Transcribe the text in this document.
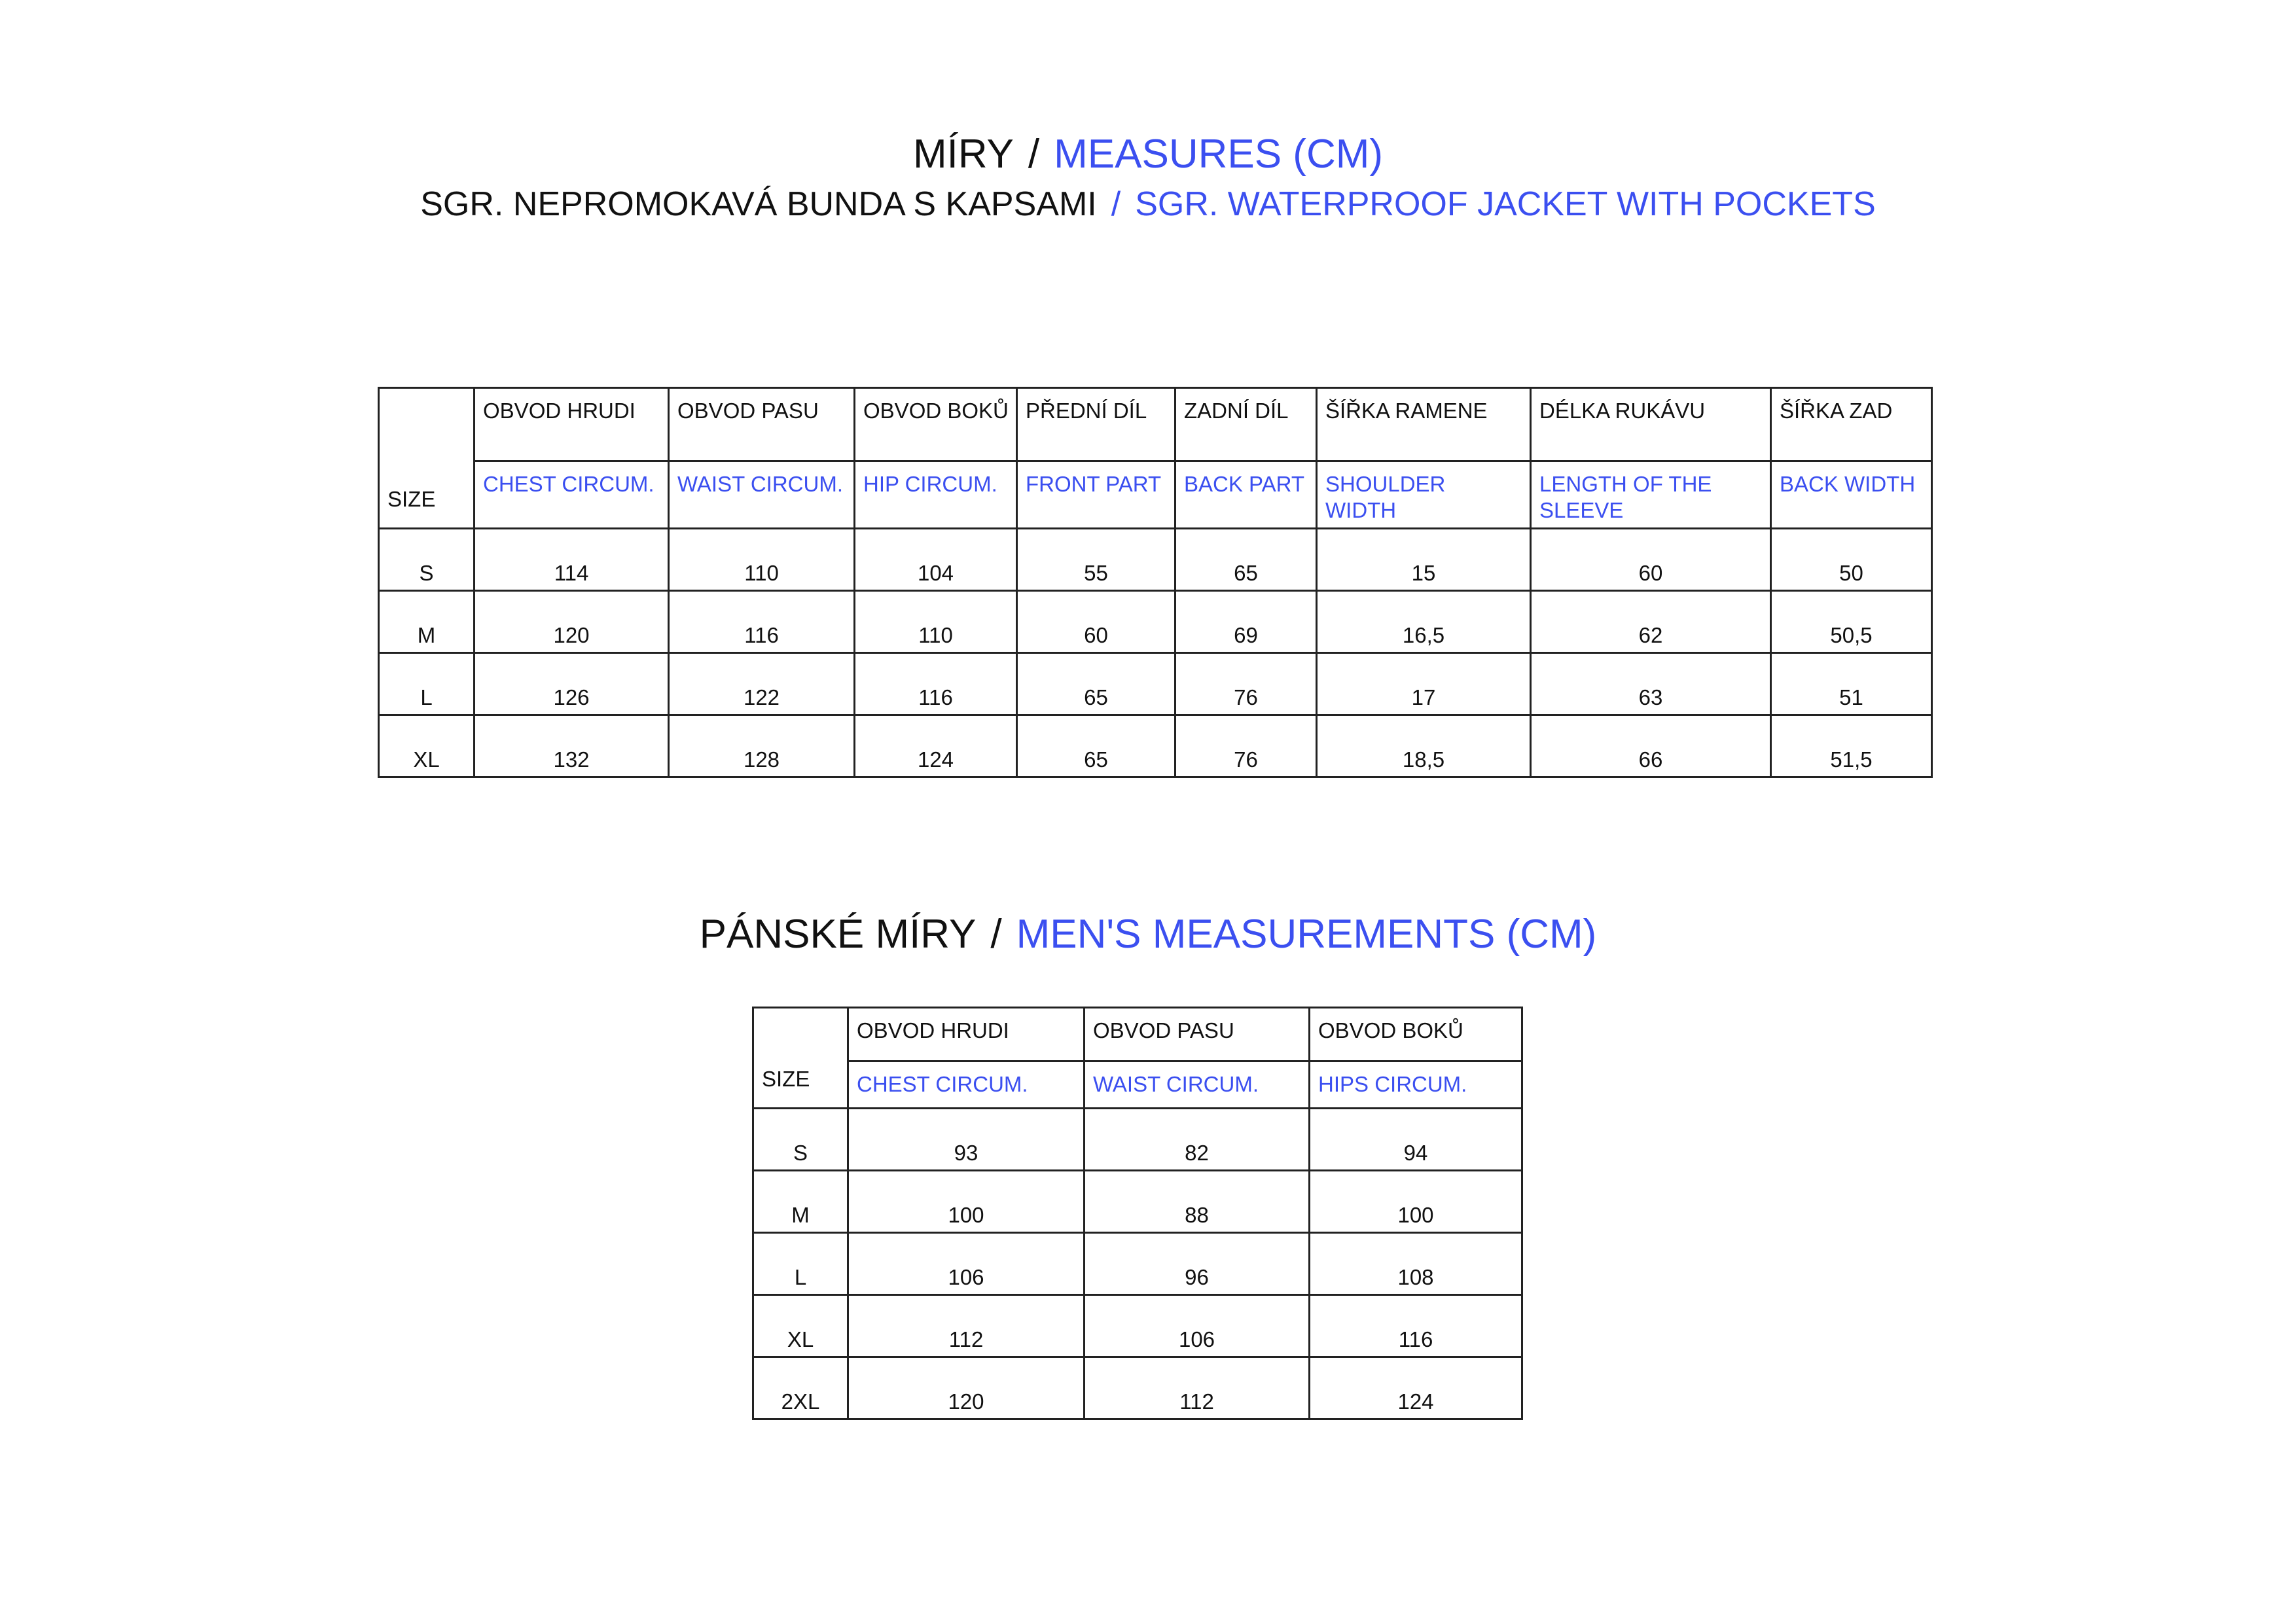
MÍRY / MEASURES (CM)
SGR. NEPROMOKAVÁ BUNDA S KAPSAMI / SGR. WATERPROOF JACKET WITH POCKETS
SIZE	OBVOD HRUDI	OBVOD PASU	OBVOD BOKŮ	PŘEDNÍ DÍL	ZADNÍ DÍL	ŠÍŘKA RAMENE	DÉLKA RUKÁVU	ŠÍŘKA ZAD
	CHEST CIRCUM.	WAIST CIRCUM.	HIP CIRCUM.	FRONT PART	BACK PART	SHOULDER WIDTH	LENGTH OF THE SLEEVE	BACK WIDTH
S	114	110	104	55	65	15	60	50
M	120	116	110	60	69	16,5	62	50,5
L	126	122	116	65	76	17	63	51
XL	132	128	124	65	76	18,5	66	51,5
PÁNSKÉ MÍRY / MEN'S MEASUREMENTS (CM)
SIZE	OBVOD HRUDI	OBVOD PASU	OBVOD BOKŮ
	CHEST CIRCUM.	WAIST CIRCUM.	HIPS CIRCUM.
S	93	82	94
M	100	88	100
L	106	96	108
XL	112	106	116
2XL	120	112	124
